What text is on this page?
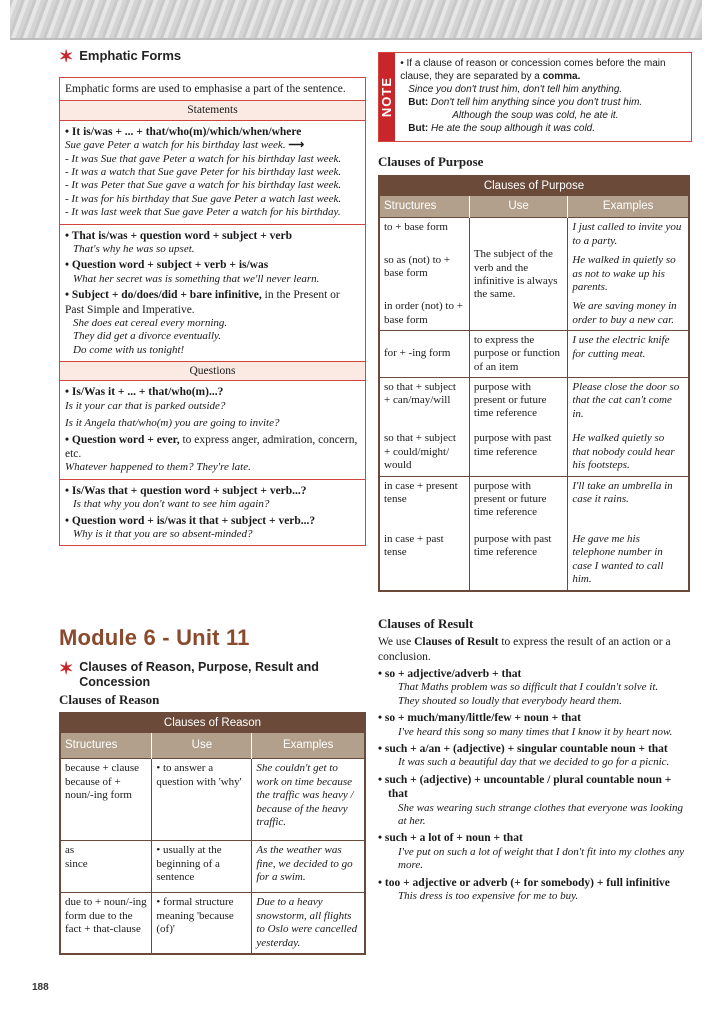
✶ Emphatic Forms
Emphatic forms are used to emphasise a part of the sentence.
Statements
• It is/was + ... + that/who(m)/which/when/where
Sue gave Peter a watch for his birthday last week. ⟶
- It was Sue that gave Peter a watch for his birthday last week.
- It was a watch that Sue gave Peter for his birthday last week.
- It was Peter that Sue gave a watch for his birthday last week.
- It was for his birthday that Sue gave Peter a watch last week.
- It was last week that Sue gave Peter a watch for his birthday.
• That is/was + question word + subject + verb
That's why he was so upset.
• Question word + subject + verb + is/was
What her secret was is something that we'll never learn.
• Subject + do/does/did + bare infinitive, in the Present or Past Simple and Imperative.
She does eat cereal every morning.
They did get a divorce eventually.
Do come with us tonight!
Questions
• Is/Was it + ... + that/who(m)...?
Is it your car that is parked outside?
Is it Angela that/who(m) you are going to invite?
• Question word + ever, to express anger, admiration, concern, etc.
Whatever happened to them? They're late.
• Is/Was that + question word + subject + verb...?
Is that why you don't want to see him again?
• Question word + is/was it that + subject + verb...?
Why is it that you are so absent-minded?
NOTE
• If a clause of reason or concession comes before the main clause, they are separated by a comma.
Since you don't trust him, don't tell him anything.
But: Don't tell him anything since you don't trust him.
Although the soup was cold, he ate it.
But: He ate the soup although it was cold.
Clauses of Purpose
Clauses of Purpose
Structures	Use	Examples
to + base form	The subject of the verb and the infinitive is always the same.	I just called to invite you to a party.
so as (not) to + base form		He walked in quietly so as not to wake up his parents.
in order (not) to + base form		We are saving money in order to buy a new car.
for + -ing form	to express the purpose or function of an item	I use the electric knife for cutting meat.
so that + subject + can/may/will	purpose with present or future time reference	Please close the door so that the cat can't come in.
so that + subject + could/might/ would	purpose with past time reference	He walked quietly so that nobody could hear his footsteps.
in case + present tense	purpose with present or future time reference	I'll take an umbrella in case it rains.
in case + past tense	purpose with past time reference	He gave me his telephone number in case I wanted to call him.
Module 6 - Unit 11
✶ Clauses of Reason, Purpose, Result and Concession
Clauses of Reason
Clauses of Reason
Structures	Use	Examples
because + clause because of + noun/-ing form	• to answer a question with 'why'	She couldn't get to work on time because the traffic was heavy / because of the heavy traffic.

as
since	• usually at the beginning of a sentence	As the weather was fine, we decided to go for a swim.
due to + noun/-ing form due to the fact + that-clause	• formal structure meaning 'because (of)'	Due to a heavy snowstorm, all flights to Oslo were cancelled yesterday.
Clauses of Result
We use Clauses of Result to express the result of an action or a conclusion.
• so + adjective/adverb + that
That Maths problem was so difficult that I couldn't solve it.
They shouted so loudly that everybody heard them.
• so + much/many/little/few + noun + that
I've heard this song so many times that I know it by heart now.
• such + a/an + (adjective) + singular countable noun + that
It was such a beautiful day that we decided to go for a picnic.
• such + (adjective) + uncountable / plural countable noun + that
She was wearing such strange clothes that everyone was looking at her.
• such + a lot of + noun + that
I've put on such a lot of weight that I don't fit into my clothes any more.
• too + adjective or adverb (+ for somebody) + full infinitive
This dress is too expensive for me to buy.
188
